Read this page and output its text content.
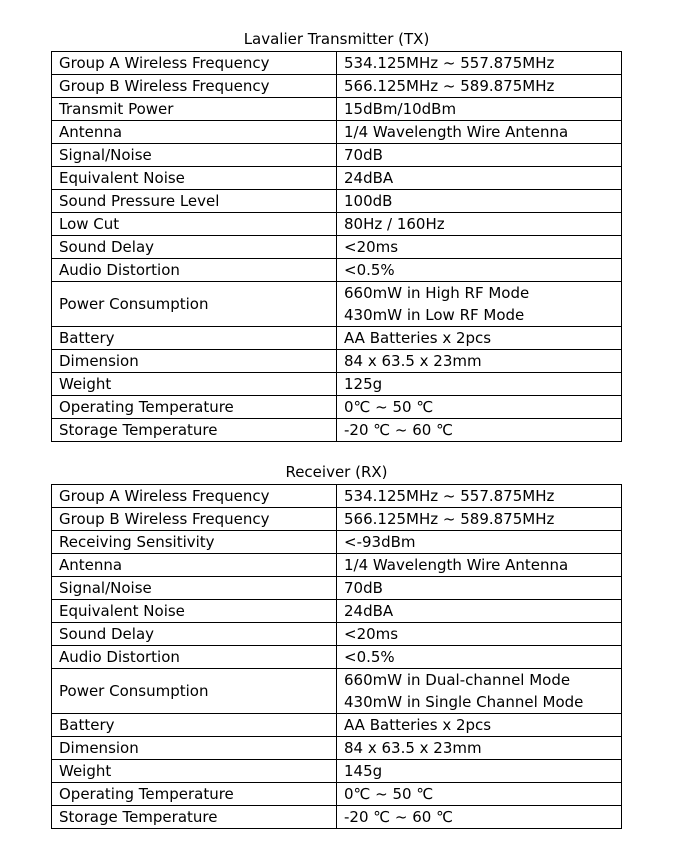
Lavalier Transmitter (TX)
Group A Wireless Frequency	534.125MHz ~ 557.875MHz

Group B Wireless Frequency	566.125MHz ~ 589.875MHz

Transmit Power	15dBm/10dBm

Antenna	1/4 Wavelength Wire Antenna

Signal/Noise	70dB

Equivalent Noise	24dBA

Sound Pressure Level	100dB

Low Cut	80Hz / 160Hz

Sound Delay	<20ms

Audio Distortion	<0.5%

Power Consumption	660mW in High RF Mode
430mW in Low RF Mode

Battery	AA Batteries x 2pcs

Dimension	84 x 63.5 x 23mm

Weight	125g

Operating Temperature	0℃ ~ 50 ℃

Storage Temperature	-20 ℃ ~ 60 ℃
Receiver (RX)
Group A Wireless Frequency	534.125MHz ~ 557.875MHz

Group B Wireless Frequency	566.125MHz ~ 589.875MHz

Receiving Sensitivity	<-93dBm

Antenna	1/4 Wavelength Wire Antenna

Signal/Noise	70dB

Equivalent Noise	24dBA

Sound Delay	<20ms

Audio Distortion	<0.5%

Power Consumption	660mW in Dual-channel Mode
430mW in Single Channel Mode

Battery	AA Batteries x 2pcs

Dimension	84 x 63.5 x 23mm

Weight	145g

Operating Temperature	0℃ ~ 50 ℃

Storage Temperature	-20 ℃ ~ 60 ℃
